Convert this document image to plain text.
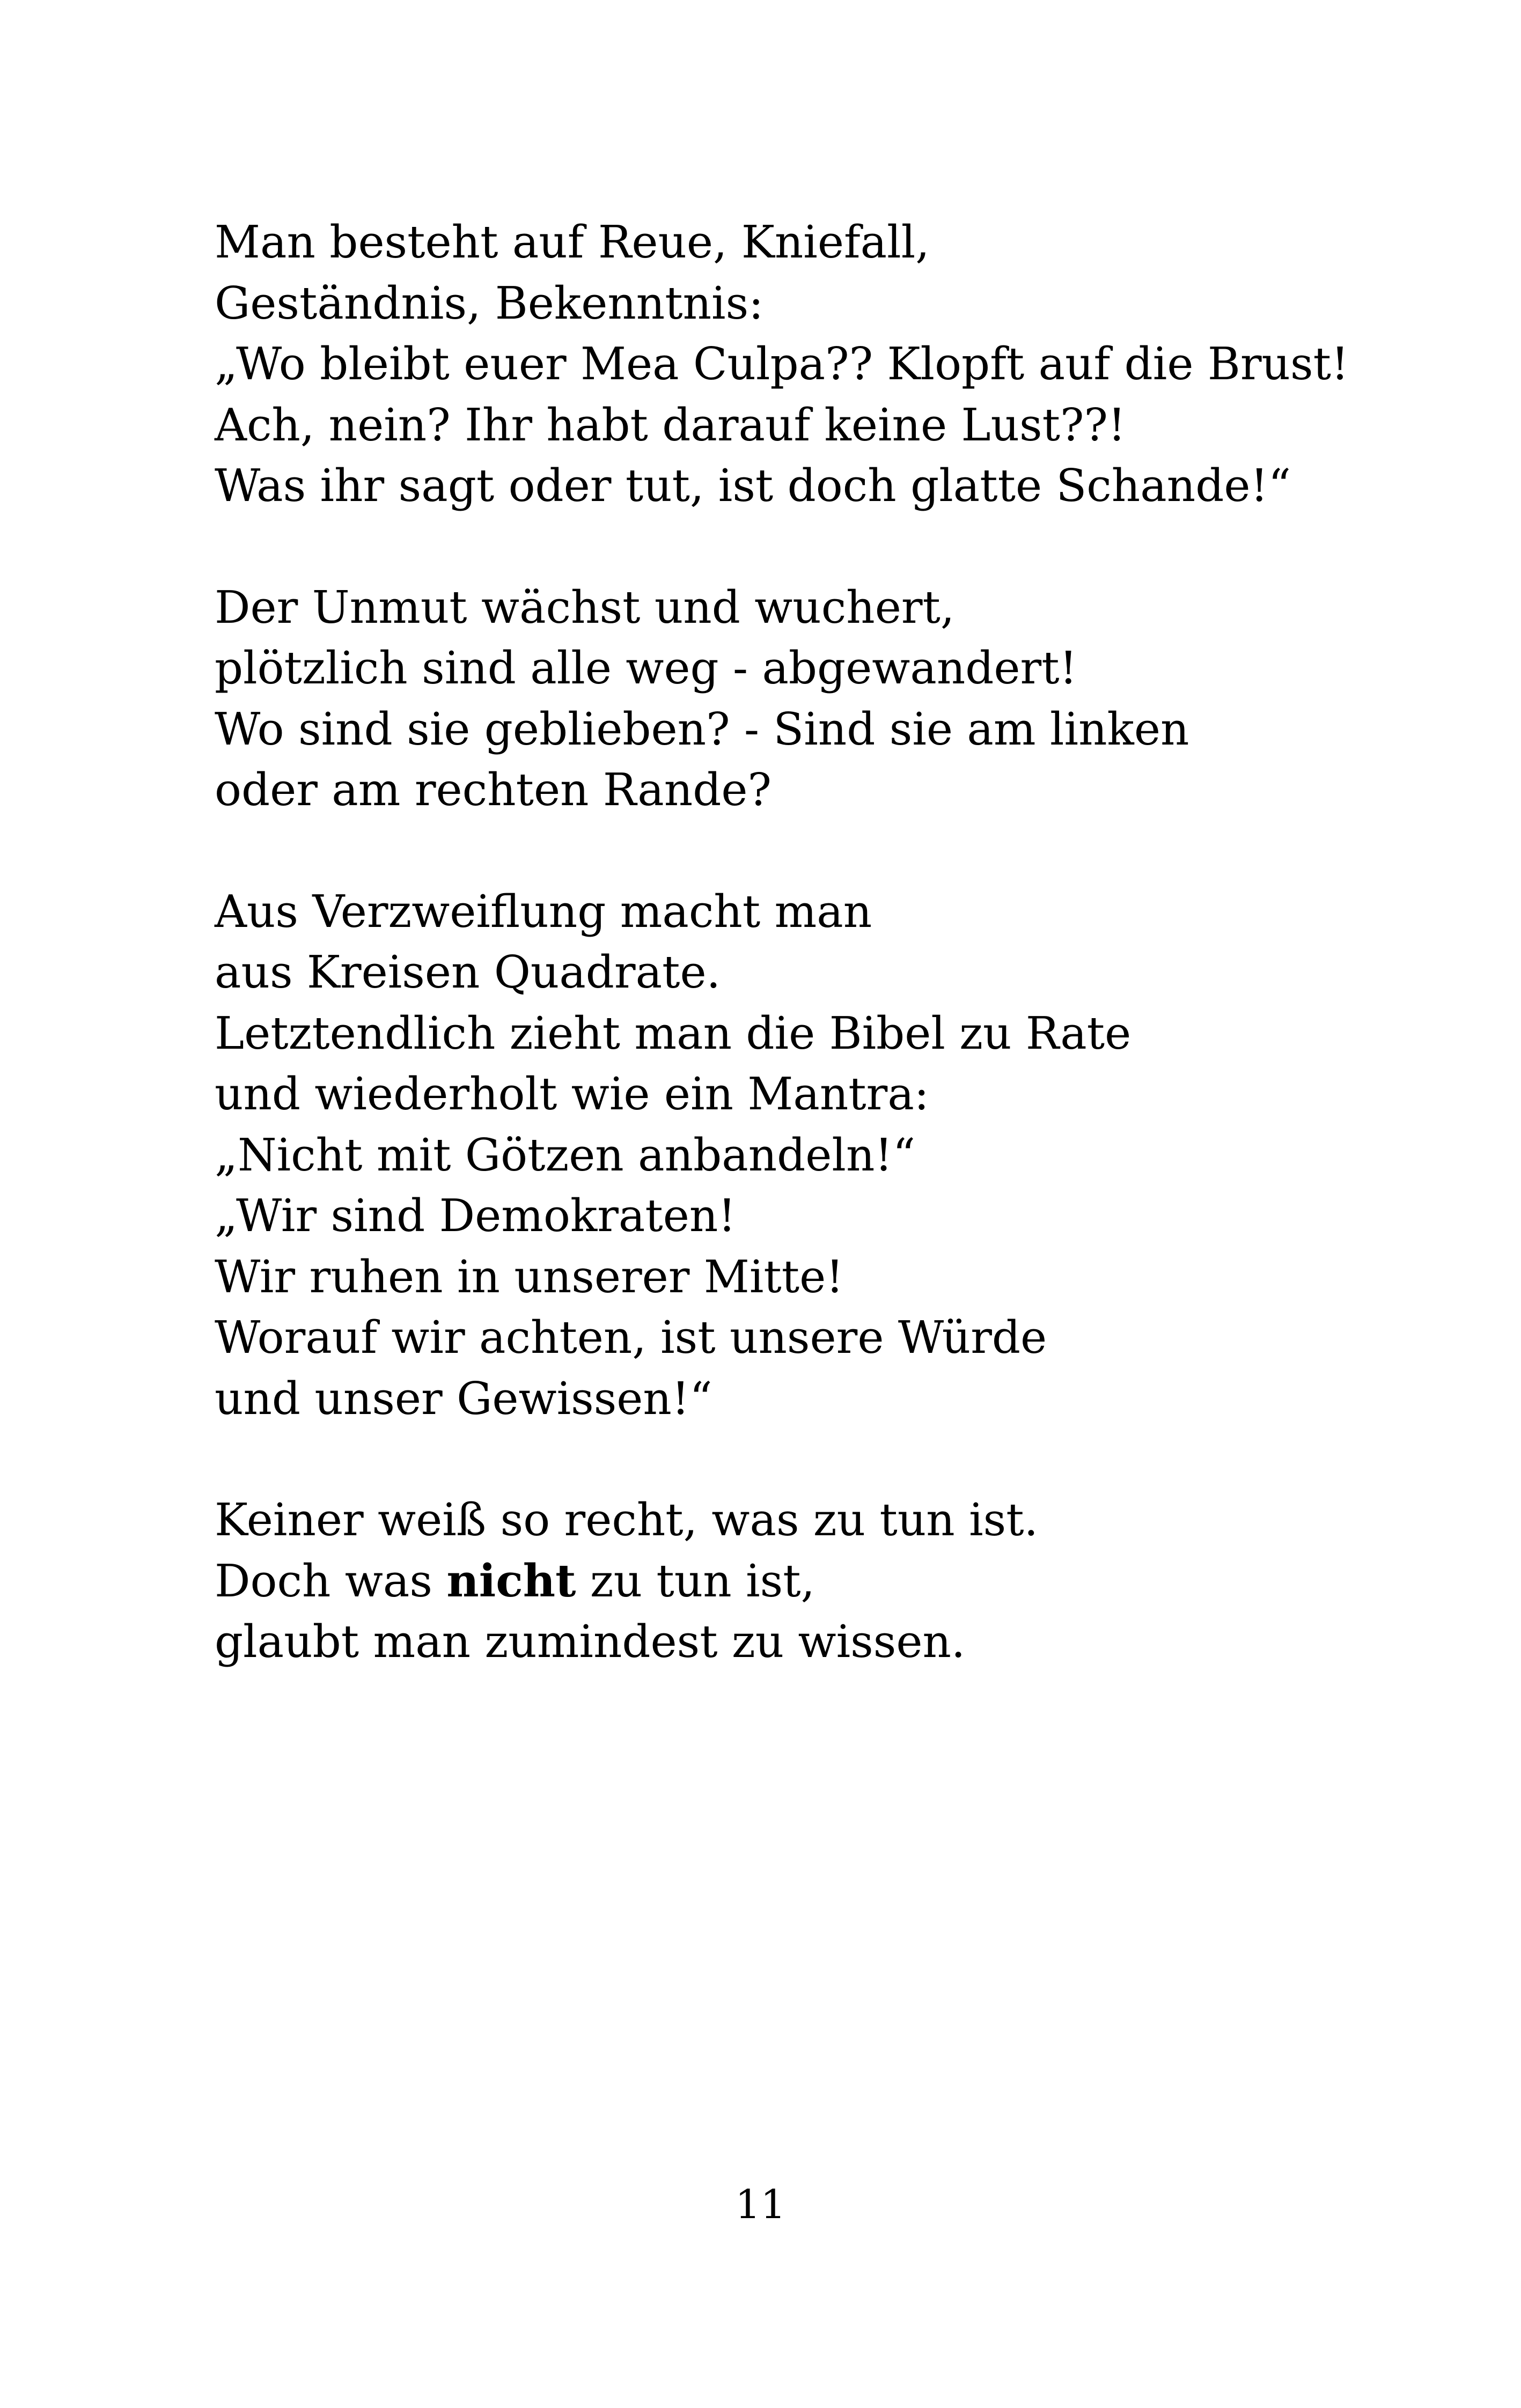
Man besteht auf Reue, Kniefall,
Geständnis, Bekenntnis:
„Wo bleibt euer Mea Culpa?? Klopft auf die Brust!
Ach, nein? Ihr habt darauf keine Lust??!
Was ihr sagt oder tut, ist doch glatte Schande!“
Der Unmut wächst und wuchert,
plötzlich sind alle weg - abgewandert!
Wo sind sie geblieben? - Sind sie am linken
oder am rechten Rande?
Aus Verzweiflung macht man
aus Kreisen Quadrate.
Letztendlich zieht man die Bibel zu Rate
und wiederholt wie ein Mantra:
„Nicht mit Götzen anbandeln!“
„Wir sind Demokraten!
Wir ruhen in unserer Mitte!
Worauf wir achten, ist unsere Würde
und unser Gewissen!“
Keiner weiß so recht, was zu tun ist.
Doch was nicht zu tun ist,
glaubt man zumindest zu wissen.
11
